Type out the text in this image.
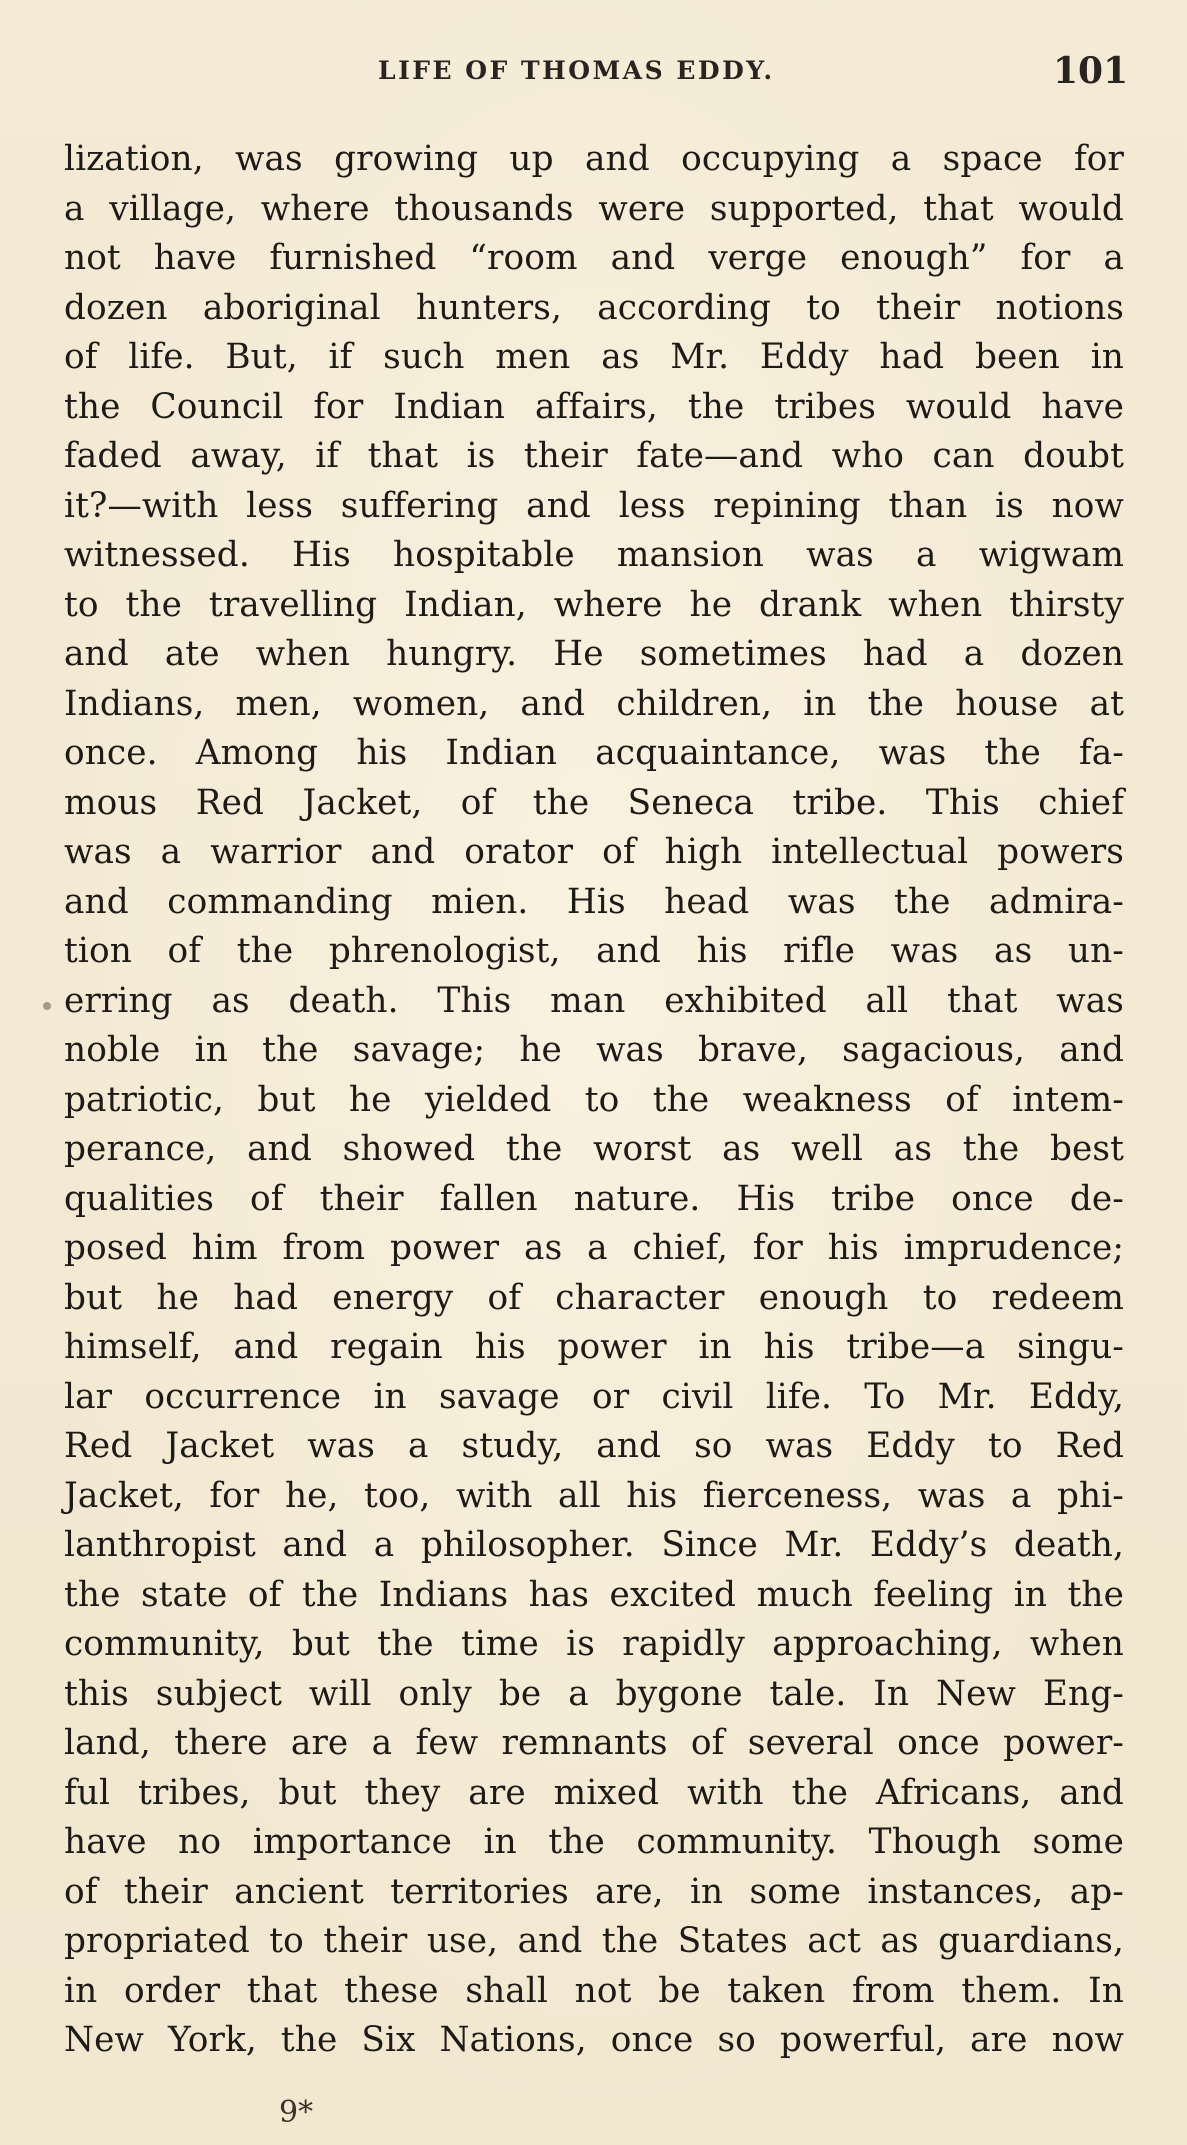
LIFE OF THOMAS EDDY.	101
lization, was growing up and occupying a space for
a village, where thousands were supported, that would
not have furnished “room and verge enough” for a
dozen aboriginal hunters, according to their notions
of life. But, if such men as Mr. Eddy had been in
the Council for Indian affairs, the tribes would have
faded away, if that is their fate—and who can doubt
it?—with less suffering and less repining than is now
witnessed. His hospitable mansion was a wigwam
to the travelling Indian, where he drank when thirsty
and ate when hungry. He sometimes had a dozen
Indians, men, women, and children, in the house at
once. Among his Indian acquaintance, was the fa-
mous Red Jacket, of the Seneca tribe. This chief
was a warrior and orator of high intellectual powers
and commanding mien. His head was the admira-
tion of the phrenologist, and his rifle was as un-
erring as death. This man exhibited all that was
noble in the savage; he was brave, sagacious, and
patriotic, but he yielded to the weakness of intem-
perance, and showed the worst as well as the best
qualities of their fallen nature. His tribe once de-
posed him from power as a chief, for his imprudence;
but he had energy of character enough to redeem
himself, and regain his power in his tribe—a singu-
lar occurrence in savage or civil life. To Mr. Eddy,
Red Jacket was a study, and so was Eddy to Red
Jacket, for he, too, with all his fierceness, was a phi-
lanthropist and a philosopher. Since Mr. Eddy’s death,
the state of the Indians has excited much feeling in the
community, but the time is rapidly approaching, when
this subject will only be a bygone tale. In New Eng-
land, there are a few remnants of several once power-
ful tribes, but they are mixed with the Africans, and
have no importance in the community. Though some
of their ancient territories are, in some instances, ap-
propriated to their use, and the States act as guardians,
in order that these shall not be taken from them. In
New York, the Six Nations, once so powerful, are now
9*
